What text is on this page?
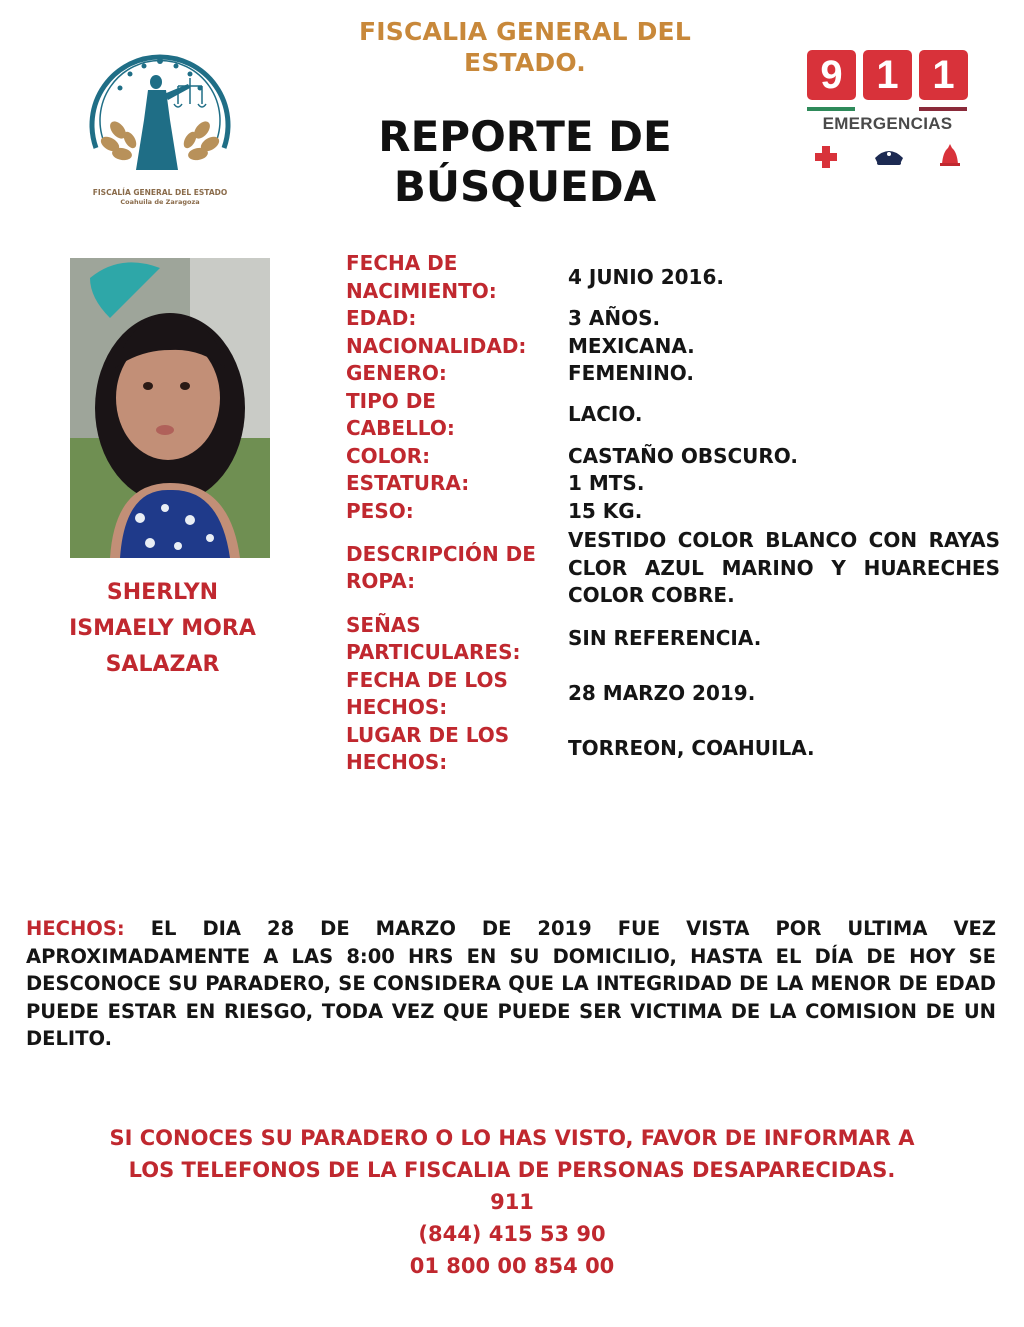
FISCALÍA GENERAL DEL ESTADO
Coahuila de Zaragoza
FISCALIA GENERAL DEL ESTADO.
REPORTE DE
BÚSQUEDA
9 1 1
EMERGENCIAS
SHERLYN
ISMAELY MORA
SALAZAR
FECHA DE
NACIMIENTO:
4 JUNIO 2016.
EDAD:	3 AÑOS.
NACIONALIDAD:	MEXICANA.
GENERO:	FEMENINO.
TIPO DE
CABELLO:
LACIO.
COLOR:	CASTAÑO OBSCURO.
ESTATURA:	1 MTS.
PESO:	15 KG.
DESCRIPCIÓN DE
ROPA:
VESTIDO COLOR BLANCO CON RAYAS CLOR AZUL MARINO Y HUARECHES COLOR COBRE.
SEÑAS
PARTICULARES:
SIN REFERENCIA.
FECHA DE LOS
HECHOS:
28 MARZO 2019.
LUGAR DE LOS
HECHOS:
TORREON, COAHUILA.
HECHOS: EL DIA 28 DE MARZO DE 2019 FUE VISTA POR ULTIMA VEZ APROXIMADAMENTE A LAS 8:00 HRS EN SU DOMICILIO, HASTA EL DÍA DE HOY SE DESCONOCE SU PARADERO, SE CONSIDERA QUE LA INTEGRIDAD DE LA MENOR DE EDAD PUEDE ESTAR EN RIESGO, TODA VEZ QUE PUEDE SER VICTIMA DE LA COMISION DE UN DELITO.
SI CONOCES SU PARADERO O LO HAS VISTO, FAVOR DE INFORMAR A
LOS TELEFONOS DE LA FISCALIA DE PERSONAS DESAPARECIDAS.
911
(844) 415 53 90
01 800 00 854 00
